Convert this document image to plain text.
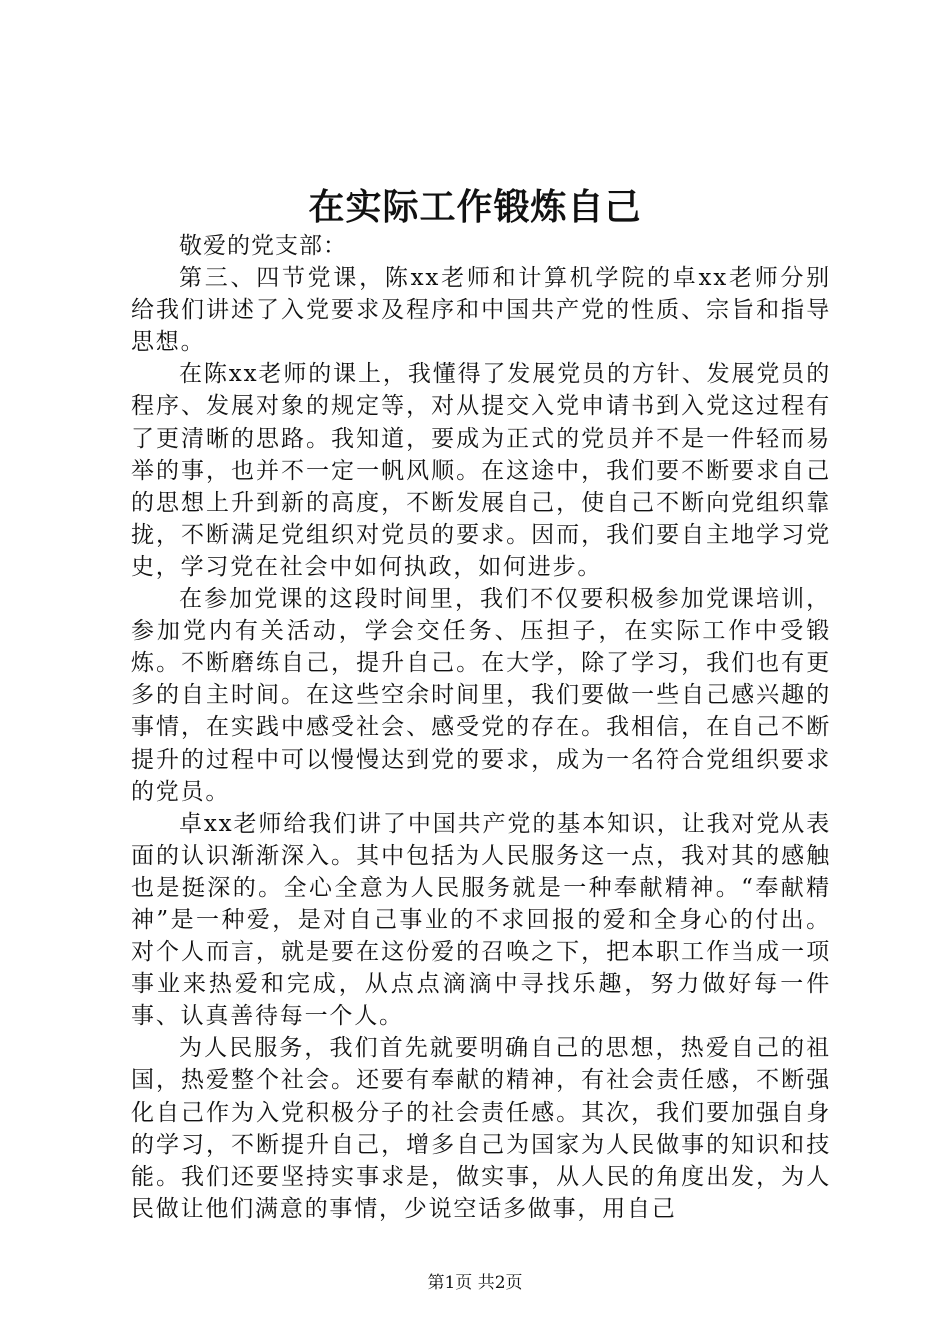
在实际工作锻炼自己

敬爱的党支部：

第三、四节党课，陈xx老师和计算机学院的卓xx老师分别给我们讲述了入党要求及程序和中国共产党的性质、宗旨和指导思想。

在陈xx老师的课上，我懂得了发展党员的方针、发展党员的程序、发展对象的规定等，对从提交入党申请书到入党这过程有了更清晰的思路。我知道，要成为正式的党员并不是一件轻而易举的事，也并不一定一帆风顺。在这途中，我们要不断要求自己的思想上升到新的高度，不断发展自己，使自己不断向党组织靠拢，不断满足党组织对党员的要求。因而，我们要自主地学习党史，学习党在社会中如何执政，如何进步。

在参加党课的这段时间里，我们不仅要积极参加党课培训，参加党内有关活动，学会交任务、压担子，在实际工作中受锻炼。不断磨练自己，提升自己。在大学，除了学习，我们也有更多的自主时间。在这些空余时间里，我们要做一些自己感兴趣的事情，在实践中感受社会、感受党的存在。我相信，在自己不断提升的过程中可以慢慢达到党的要求，成为一名符合党组织要求的党员。

卓xx老师给我们讲了中国共产党的基本知识，让我对党从表面的认识渐渐深入。其中包括为人民服务这一点，我对其的感触也是挺深的。全心全意为人民服务就是一种奉献精神。“奉献精神”是一种爱，是对自己事业的不求回报的爱和全身心的付出。对个人而言，就是要在这份爱的召唤之下，把本职工作当成一项事业来热爱和完成，从点点滴滴中寻找乐趣，努力做好每一件事、认真善待每一个人。

为人民服务，我们首先就要明确自己的思想，热爱自己的祖国，热爱整个社会。还要有奉献的精神，有社会责任感，不断强化自己作为入党积极分子的社会责任感。其次，我们要加强自身的学习，不断提升自己，增多自己为国家为人民做事的知识和技能。我们还要坚持实事求是，做实事，从人民的角度出发，为人民做让他们满意的事情，少说空话多做事，用自己

第1页 共2页
